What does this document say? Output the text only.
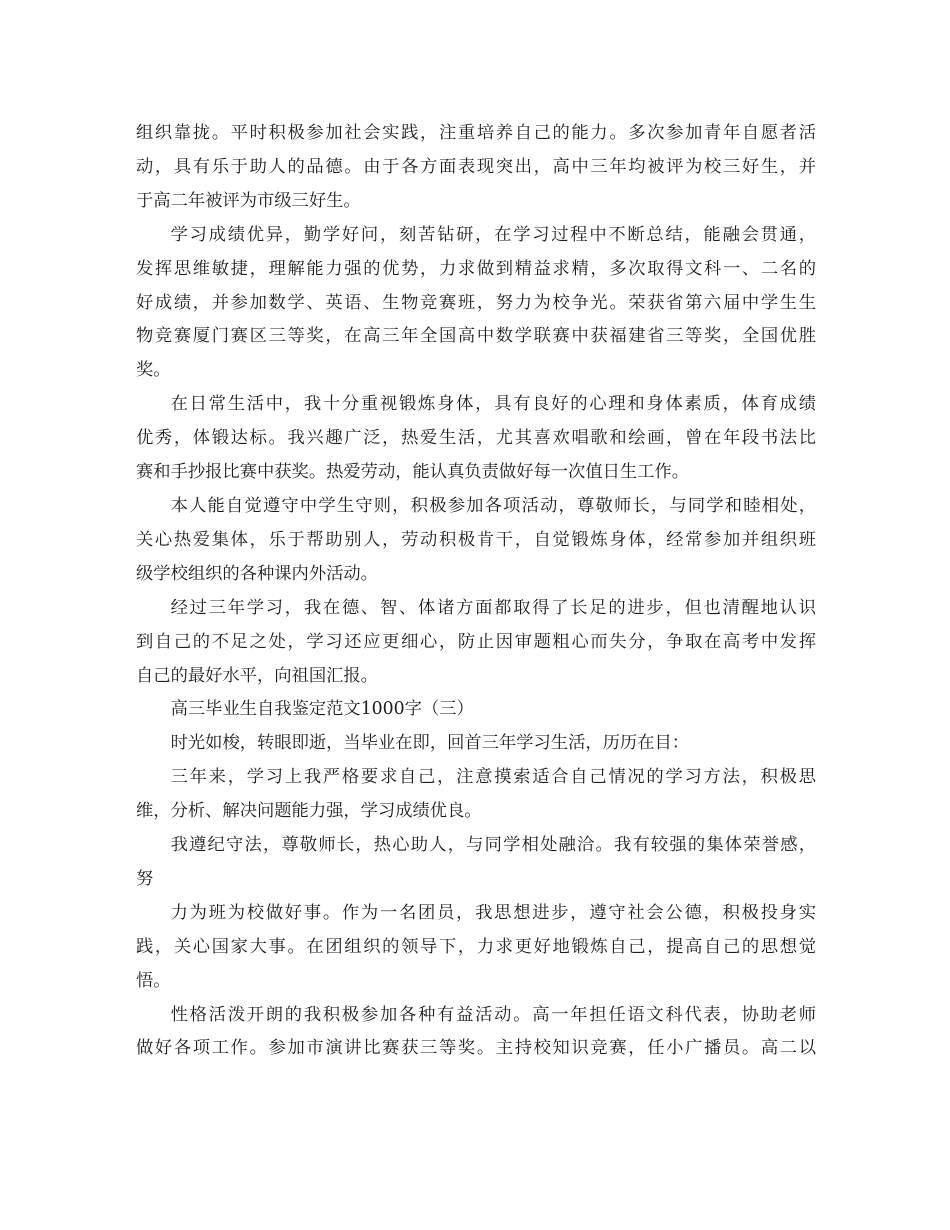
组织靠拢。平时积极参加社会实践，注重培养自己的能力。多次参加青年自愿者活

动，具有乐于助人的品德。由于各方面表现突出，高中三年均被评为校三好生，并

于高二年被评为市级三好生。

学习成绩优异，勤学好问，刻苦钻研，在学习过程中不断总结，能融会贯通，

发挥思维敏捷，理解能力强的优势，力求做到精益求精，多次取得文科一、二名的

好成绩，并参加数学、英语、生物竞赛班，努力为校争光。荣获省第六届中学生生

物竞赛厦门赛区三等奖，在高三年全国高中数学联赛中获福建省三等奖，全国优胜

奖。

在日常生活中，我十分重视锻炼身体，具有良好的心理和身体素质，体育成绩

优秀，体锻达标。我兴趣广泛，热爱生活，尤其喜欢唱歌和绘画，曾在年段书法比

赛和手抄报比赛中获奖。热爱劳动，能认真负责做好每一次值日生工作。

本人能自觉遵守中学生守则，积极参加各项活动，尊敬师长，与同学和睦相处，

关心热爱集体，乐于帮助别人，劳动积极肯干，自觉锻炼身体，经常参加并组织班

级学校组织的各种课内外活动。

经过三年学习，我在德、智、体诸方面都取得了长足的进步，但也清醒地认识

到自己的不足之处，学习还应更细心，防止因审题粗心而失分，争取在高考中发挥

自己的最好水平，向祖国汇报。

高三毕业生自我鉴定范文1000字（三）

时光如梭，转眼即逝，当毕业在即，回首三年学习生活，历历在目：

三年来，学习上我严格要求自己，注意摸索适合自己情况的学习方法，积极思

维，分析、解决问题能力强，学习成绩优良。

我遵纪守法，尊敬师长，热心助人，与同学相处融洽。我有较强的集体荣誉感，

努

力为班为校做好事。作为一名团员，我思想进步，遵守社会公德，积极投身实

践，关心国家大事。在团组织的领导下，力求更好地锻炼自己，提高自己的思想觉

悟。

性格活泼开朗的我积极参加各种有益活动。高一年担任语文科代表，协助老师

做好各项工作。参加市演讲比赛获三等奖。主持校知识竞赛，任小广播员。高二以
